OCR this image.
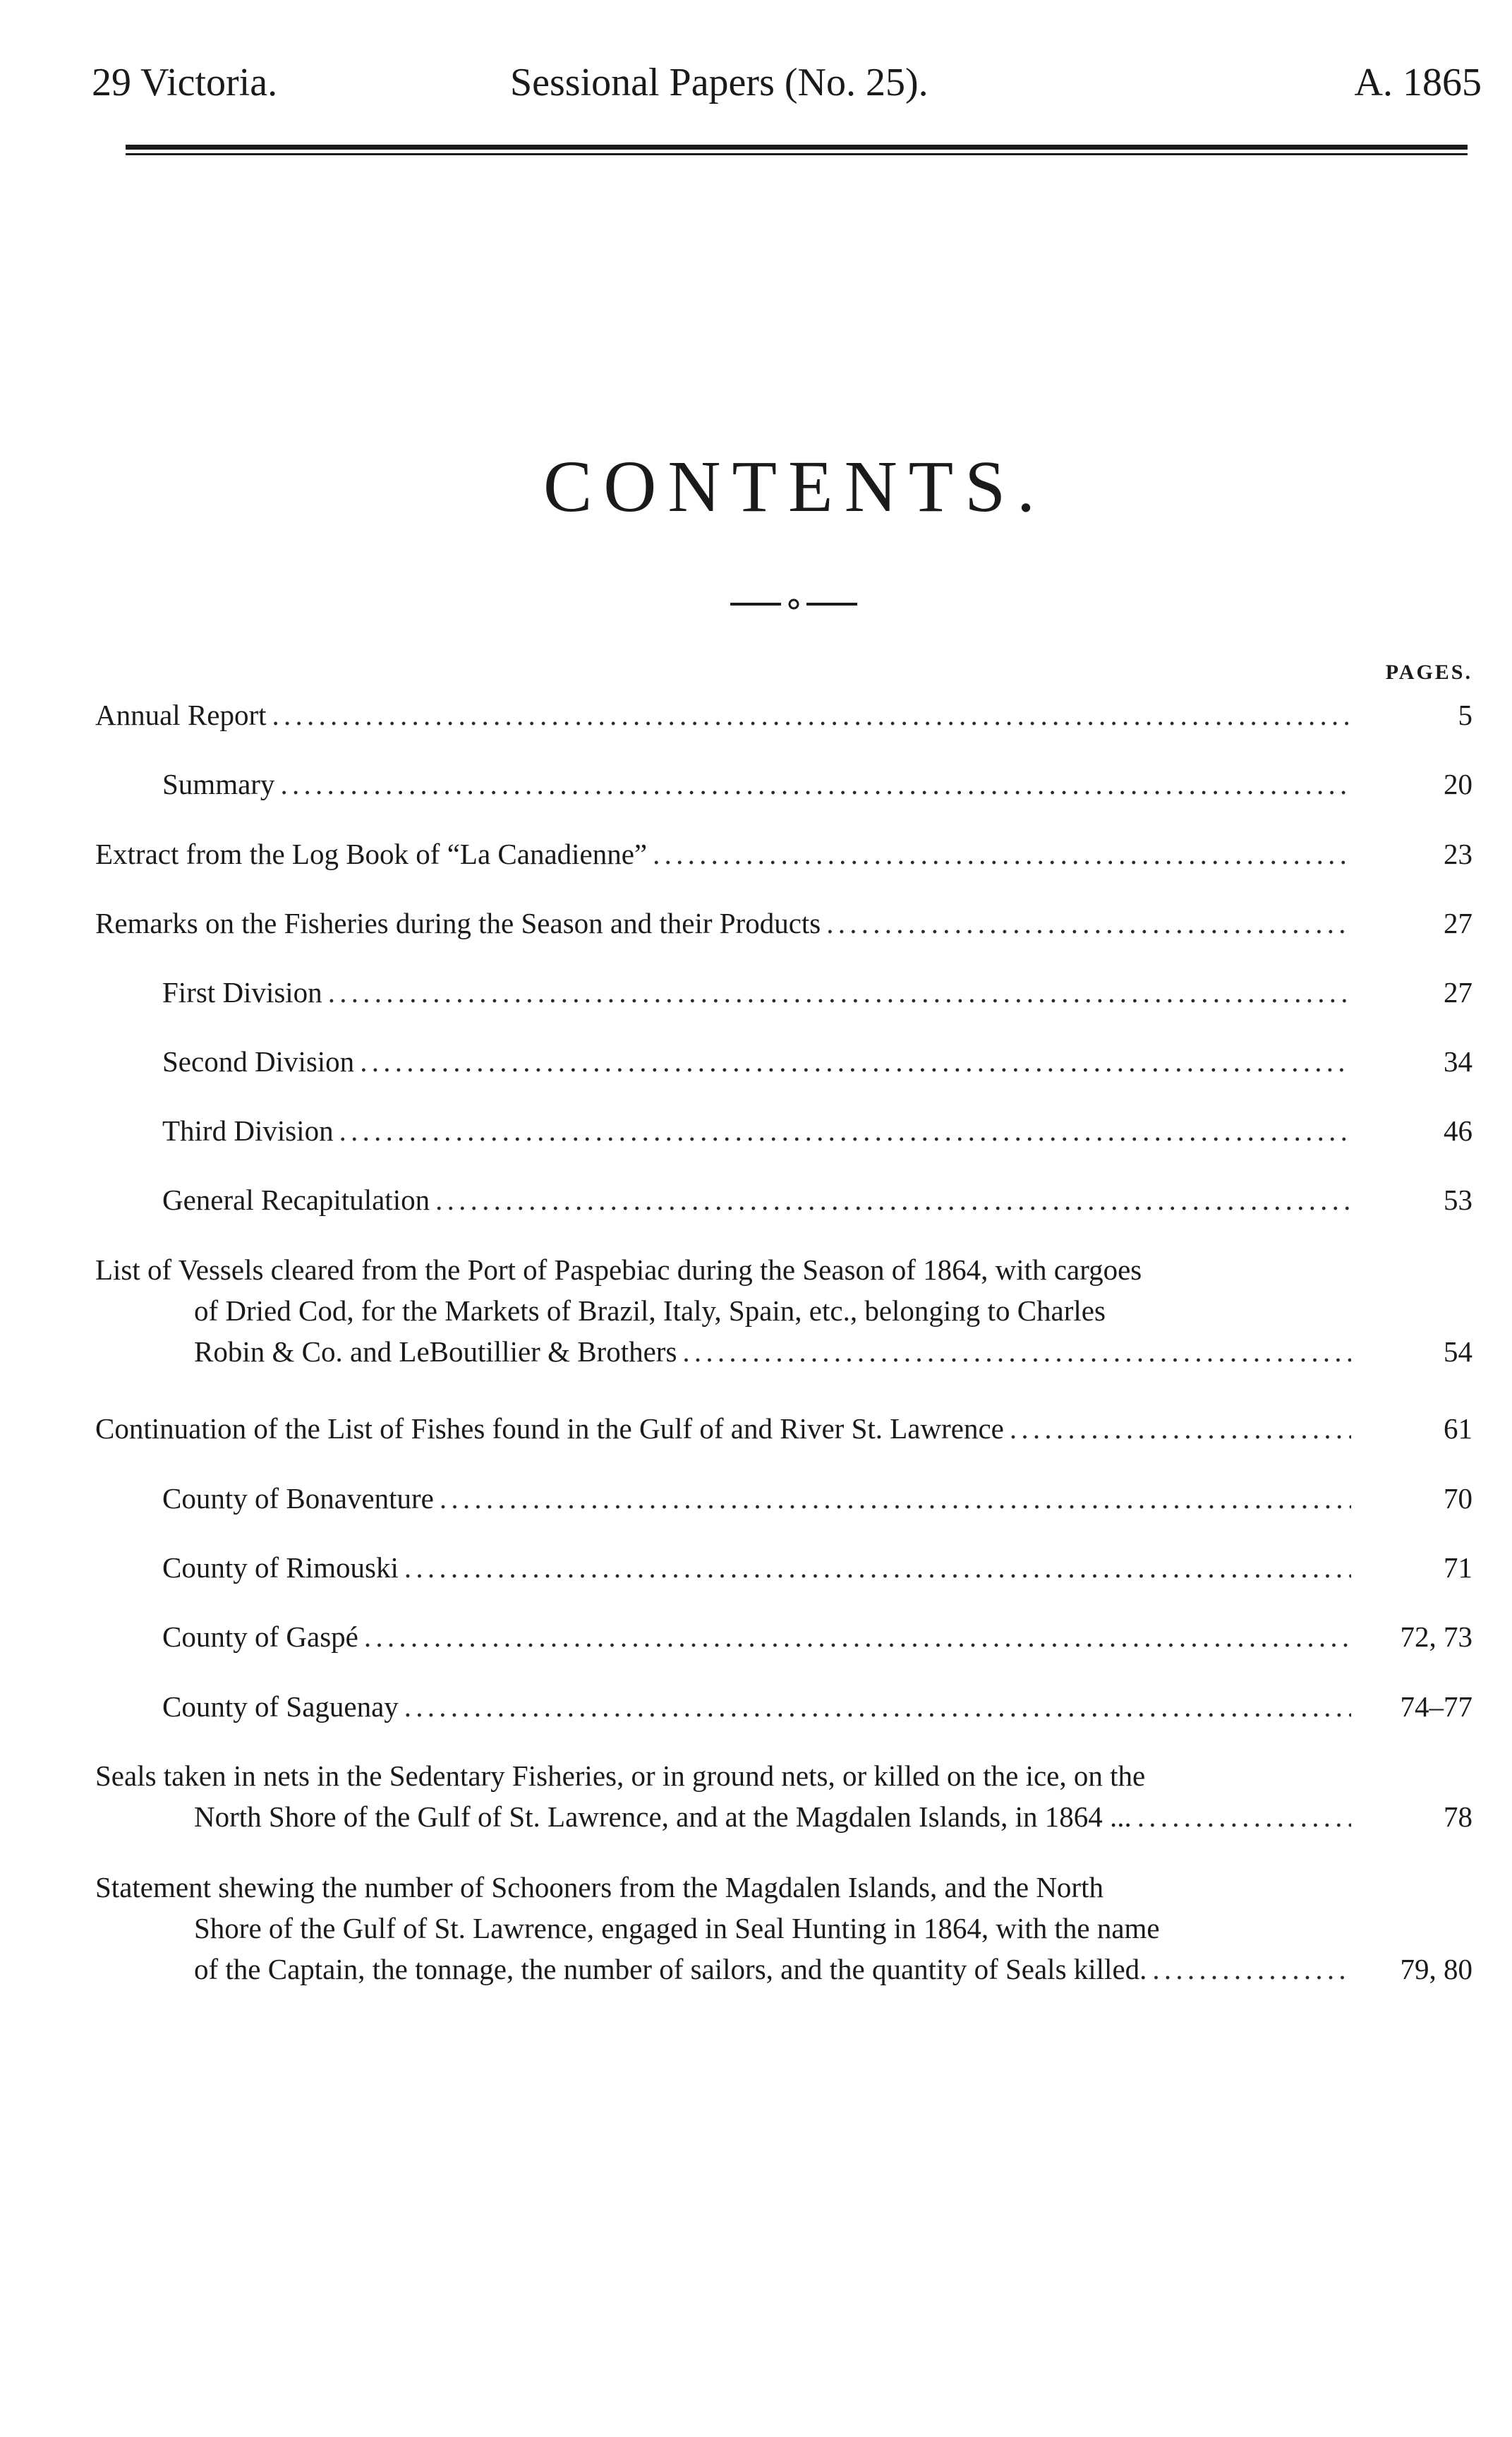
29 Victoria.	Sessional Papers (No. 25).	A. 1865
CONTENTS.
PAGES.
Annual Report . . .	5
Summary . . .	20
Extract from the Log Book of “La Canadienne” . . .	23
Remarks on the Fisheries during the Season and their Products . . .	27
First Division . . .	27
Second Division . . .	34
Third Division . . .	46
General Recapitulation . . .	53
List of Vessels cleared from the Port of Paspebiac during the Season of 1864, with cargoes
of Dried Cod, for the Markets of Brazil, Italy, Spain, etc., belonging to Charles
Robin & Co. and LeBoutillier & Brothers . . .	54
Continuation of the List of Fishes found in the Gulf of and River St. Lawrence . . .	61
County of Bonaventure . . .	70
County of Rimouski . . .	71
County of Gaspé . . .	72, 73
County of Saguenay . . .	74–77
Seals taken in nets in the Sedentary Fisheries, or in ground nets, or killed on the ice, on the
North Shore of the Gulf of St. Lawrence, and at the Magdalen Islands, in 1864 ... . . .	78
Statement shewing the number of Schooners from the Magdalen Islands, and the North
Shore of the Gulf of St. Lawrence, engaged in Seal Hunting in 1864, with the name
of the Captain, the tonnage, the number of sailors, and the quantity of Seals killed. . . .	79, 80
